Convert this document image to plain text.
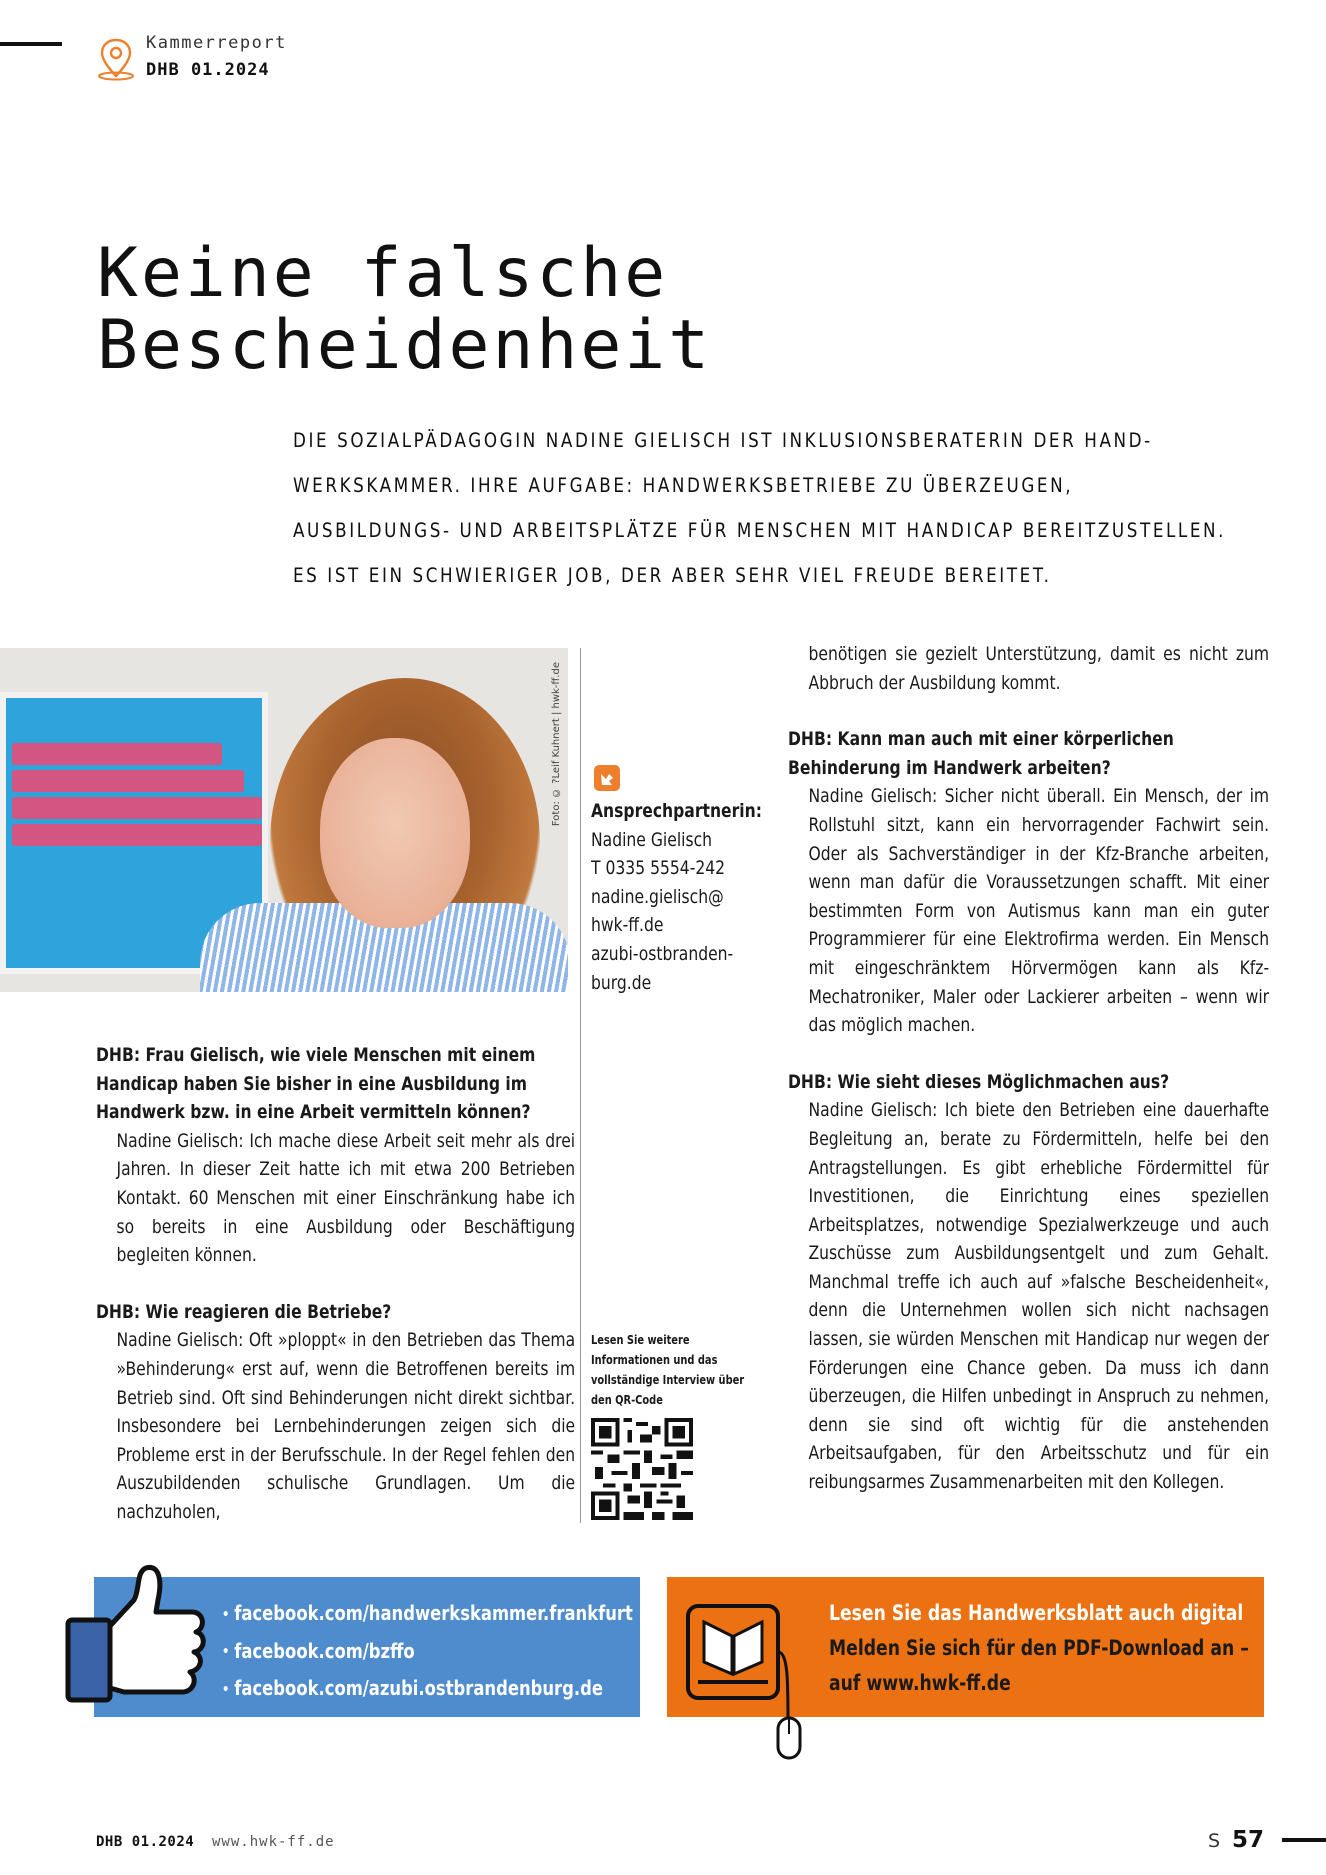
Kammerreport
DHB 01.2024
Keine falsche
Bescheidenheit
DIE SOZIALPÄDAGOGIN NADINE GIELISCH IST INKLUSIONSBERATERIN DER HAND-
WERKSKAMMER. IHRE AUFGABE: HANDWERKSBETRIEBE ZU ÜBERZEUGEN,
AUSBILDUNGS- UND ARBEITSPLÄTZE FÜR MENSCHEN MIT HANDICAP BEREITZUSTELLEN.
ES IST EIN SCHWIERIGER JOB, DER ABER SEHR VIEL FREUDE BEREITET.
Foto: © ?Leif Kuhnert | hwk-ff.de
DHB: Frau Gielisch, wie viele Menschen mit einem Handicap haben Sie bisher in eine Ausbildung im Handwerk bzw. in eine Arbeit vermitteln können?
Nadine Gielisch: Ich mache diese Arbeit seit mehr als drei Jahren. In dieser Zeit hatte ich mit etwa 200 Betrieben Kontakt. 60 Menschen mit einer Einschränkung habe ich so bereits in eine Ausbildung oder Beschäftigung begleiten können.
DHB: Wie reagieren die Betriebe?
Nadine Gielisch: Oft »ploppt« in den Betrieben das Thema »Behinderung« erst auf, wenn die Betroffenen bereits im Betrieb sind. Oft sind Behinderungen nicht direkt sichtbar. Insbesondere bei Lernbehinderungen zeigen sich die Probleme erst in der Berufsschule. In der Regel fehlen den Auszubildenden schulische Grundlagen. Um die nachzuholen,
Ansprechpartnerin:
Nadine Gielisch
T 0335 5554-242
nadine.gielisch@
hwk-ff.de
azubi-ostbranden-
burg.de
Lesen Sie weitere Informationen und das vollständige Interview über den QR-Code
benötigen sie gezielt Unterstützung, damit es nicht zum Abbruch der Ausbildung kommt.
DHB: Kann man auch mit einer körperlichen Behinderung im Handwerk arbeiten?
Nadine Gielisch: Sicher nicht überall. Ein Mensch, der im Rollstuhl sitzt, kann ein hervorragender Fachwirt sein. Oder als Sachverständiger in der Kfz-Branche arbeiten, wenn man dafür die Voraussetzungen schafft. Mit einer bestimmten Form von Autismus kann man ein guter Programmierer für eine Elektrofirma werden. Ein Mensch mit eingeschränktem Hörvermögen kann als Kfz-Mechatroniker, Maler oder Lackierer arbeiten – wenn wir das möglich machen.
DHB: Wie sieht dieses Möglichmachen aus?
Nadine Gielisch: Ich biete den Betrieben eine dauerhafte Begleitung an, berate zu Fördermitteln, helfe bei den Antragstellungen. Es gibt erhebliche Fördermittel für Investitionen, die Einrichtung eines speziellen Arbeitsplatzes, notwendige Spezialwerkzeuge und auch Zuschüsse zum Ausbildungsentgelt und zum Gehalt. Manchmal treffe ich auch auf »falsche Bescheidenheit«, denn die Unternehmen wollen sich nicht nachsagen lassen, sie würden Menschen mit Handicap nur wegen der Förderungen eine Chance geben. Da muss ich dann überzeugen, die Hilfen unbedingt in Anspruch zu nehmen, denn sie sind oft wichtig für die anstehenden Arbeitsaufgaben, für den Arbeitsschutz und für ein reibungsarmes Zusammenarbeiten mit den Kollegen.
• facebook.com/handwerkskammer.frankfurt
• facebook.com/bzffo
• facebook.com/azubi.ostbrandenburg.de
Lesen Sie das Handwerksblatt auch digital
Melden Sie sich für den PDF-Download an –
auf www.hwk-ff.de
DHB 01.2024 www.hwk-ff.de	S 57
